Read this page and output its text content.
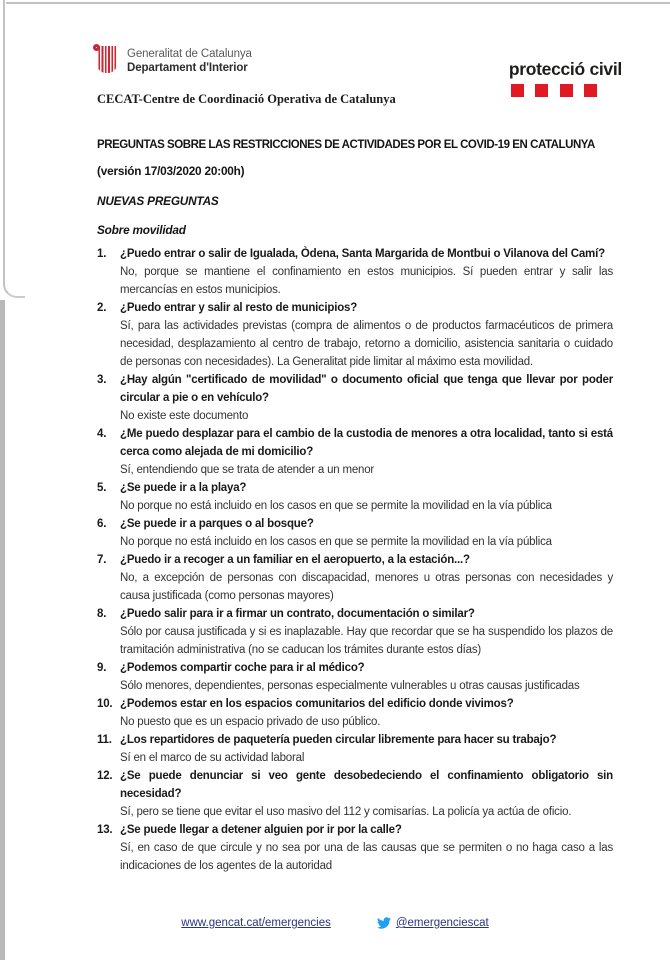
Generalitat de Catalunya
Departament d'Interior
CECAT-Centre de Coordinació Operativa de Catalunya
protecció civil
PREGUNTAS SOBRE LAS RESTRICCIONES DE ACTIVIDADES POR EL COVID-19 EN CATALUNYA
(versión 17/03/2020 20:00h)
NUEVAS PREGUNTAS
Sobre movilidad
1.	¿Puedo entrar o salir de Igualada, Òdena, Santa Margarida de Montbui o Vilanova del Camí?

No, porque se mantiene el confinamiento en estos municipios. Sí pueden entrar y salir las mercancías en estos municipios.

2.	¿Puedo entrar y salir al resto de municipios?

Sí, para las actividades previstas (compra de alimentos o de productos farmacéuticos de primera necesidad, desplazamiento al centro de trabajo, retorno a domicilio, asistencia sanitaria o cuidado de personas con necesidades). La Generalitat pide limitar al máximo esta movilidad.

3.	¿Hay algún "certificado de movilidad" o documento oficial que tenga que llevar por poder circular a pie o en vehículo?

No existe este documento

4.	¿Me puedo desplazar para el cambio de la custodia de menores a otra localidad, tanto si está cerca como alejada de mi domicilio?

Sí, entendiendo que se trata de atender a un menor

5.	¿Se puede ir a la playa?

No porque no está incluido en los casos en que se permite la movilidad en la vía pública

6.	¿Se puede ir a parques o al bosque?

No porque no está incluido en los casos en que se permite la movilidad en la vía pública

7.	¿Puedo ir a recoger a un familiar en el aeropuerto, a la estación...?

No, a excepción de personas con discapacidad, menores u otras personas con necesidades y causa justificada (como personas mayores)

8.	¿Puedo salir para ir a firmar un contrato, documentación o similar?

Sólo por causa justificada y si es inaplazable. Hay que recordar que se ha suspendido los plazos de tramitación administrativa (no se caducan los trámites durante estos días)

9.	¿Podemos compartir coche para ir al médico?

Sólo menores, dependientes, personas especialmente vulnerables u otras causas justificadas

10. ¿Podemos estar en los espacios comunitarios del edificio donde vivimos?

No puesto que es un espacio privado de uso público.

11. ¿Los repartidores de paquetería pueden circular libremente para hacer su trabajo?

Sí en el marco de su actividad laboral

12. ¿Se puede denunciar si veo gente desobedeciendo el confinamiento obligatorio sin necesidad?

Sí, pero se tiene que evitar el uso masivo del 112 y comisarías. La policía ya actúa de oficio.

13. ¿Se puede llegar a detener alguien por ir por la calle?

Sí, en caso de que circule y no sea por una de las causas que se permiten o no haga caso a las indicaciones de los agentes de la autoridad

www.gencat.cat/emergencies	@emergenciescat
